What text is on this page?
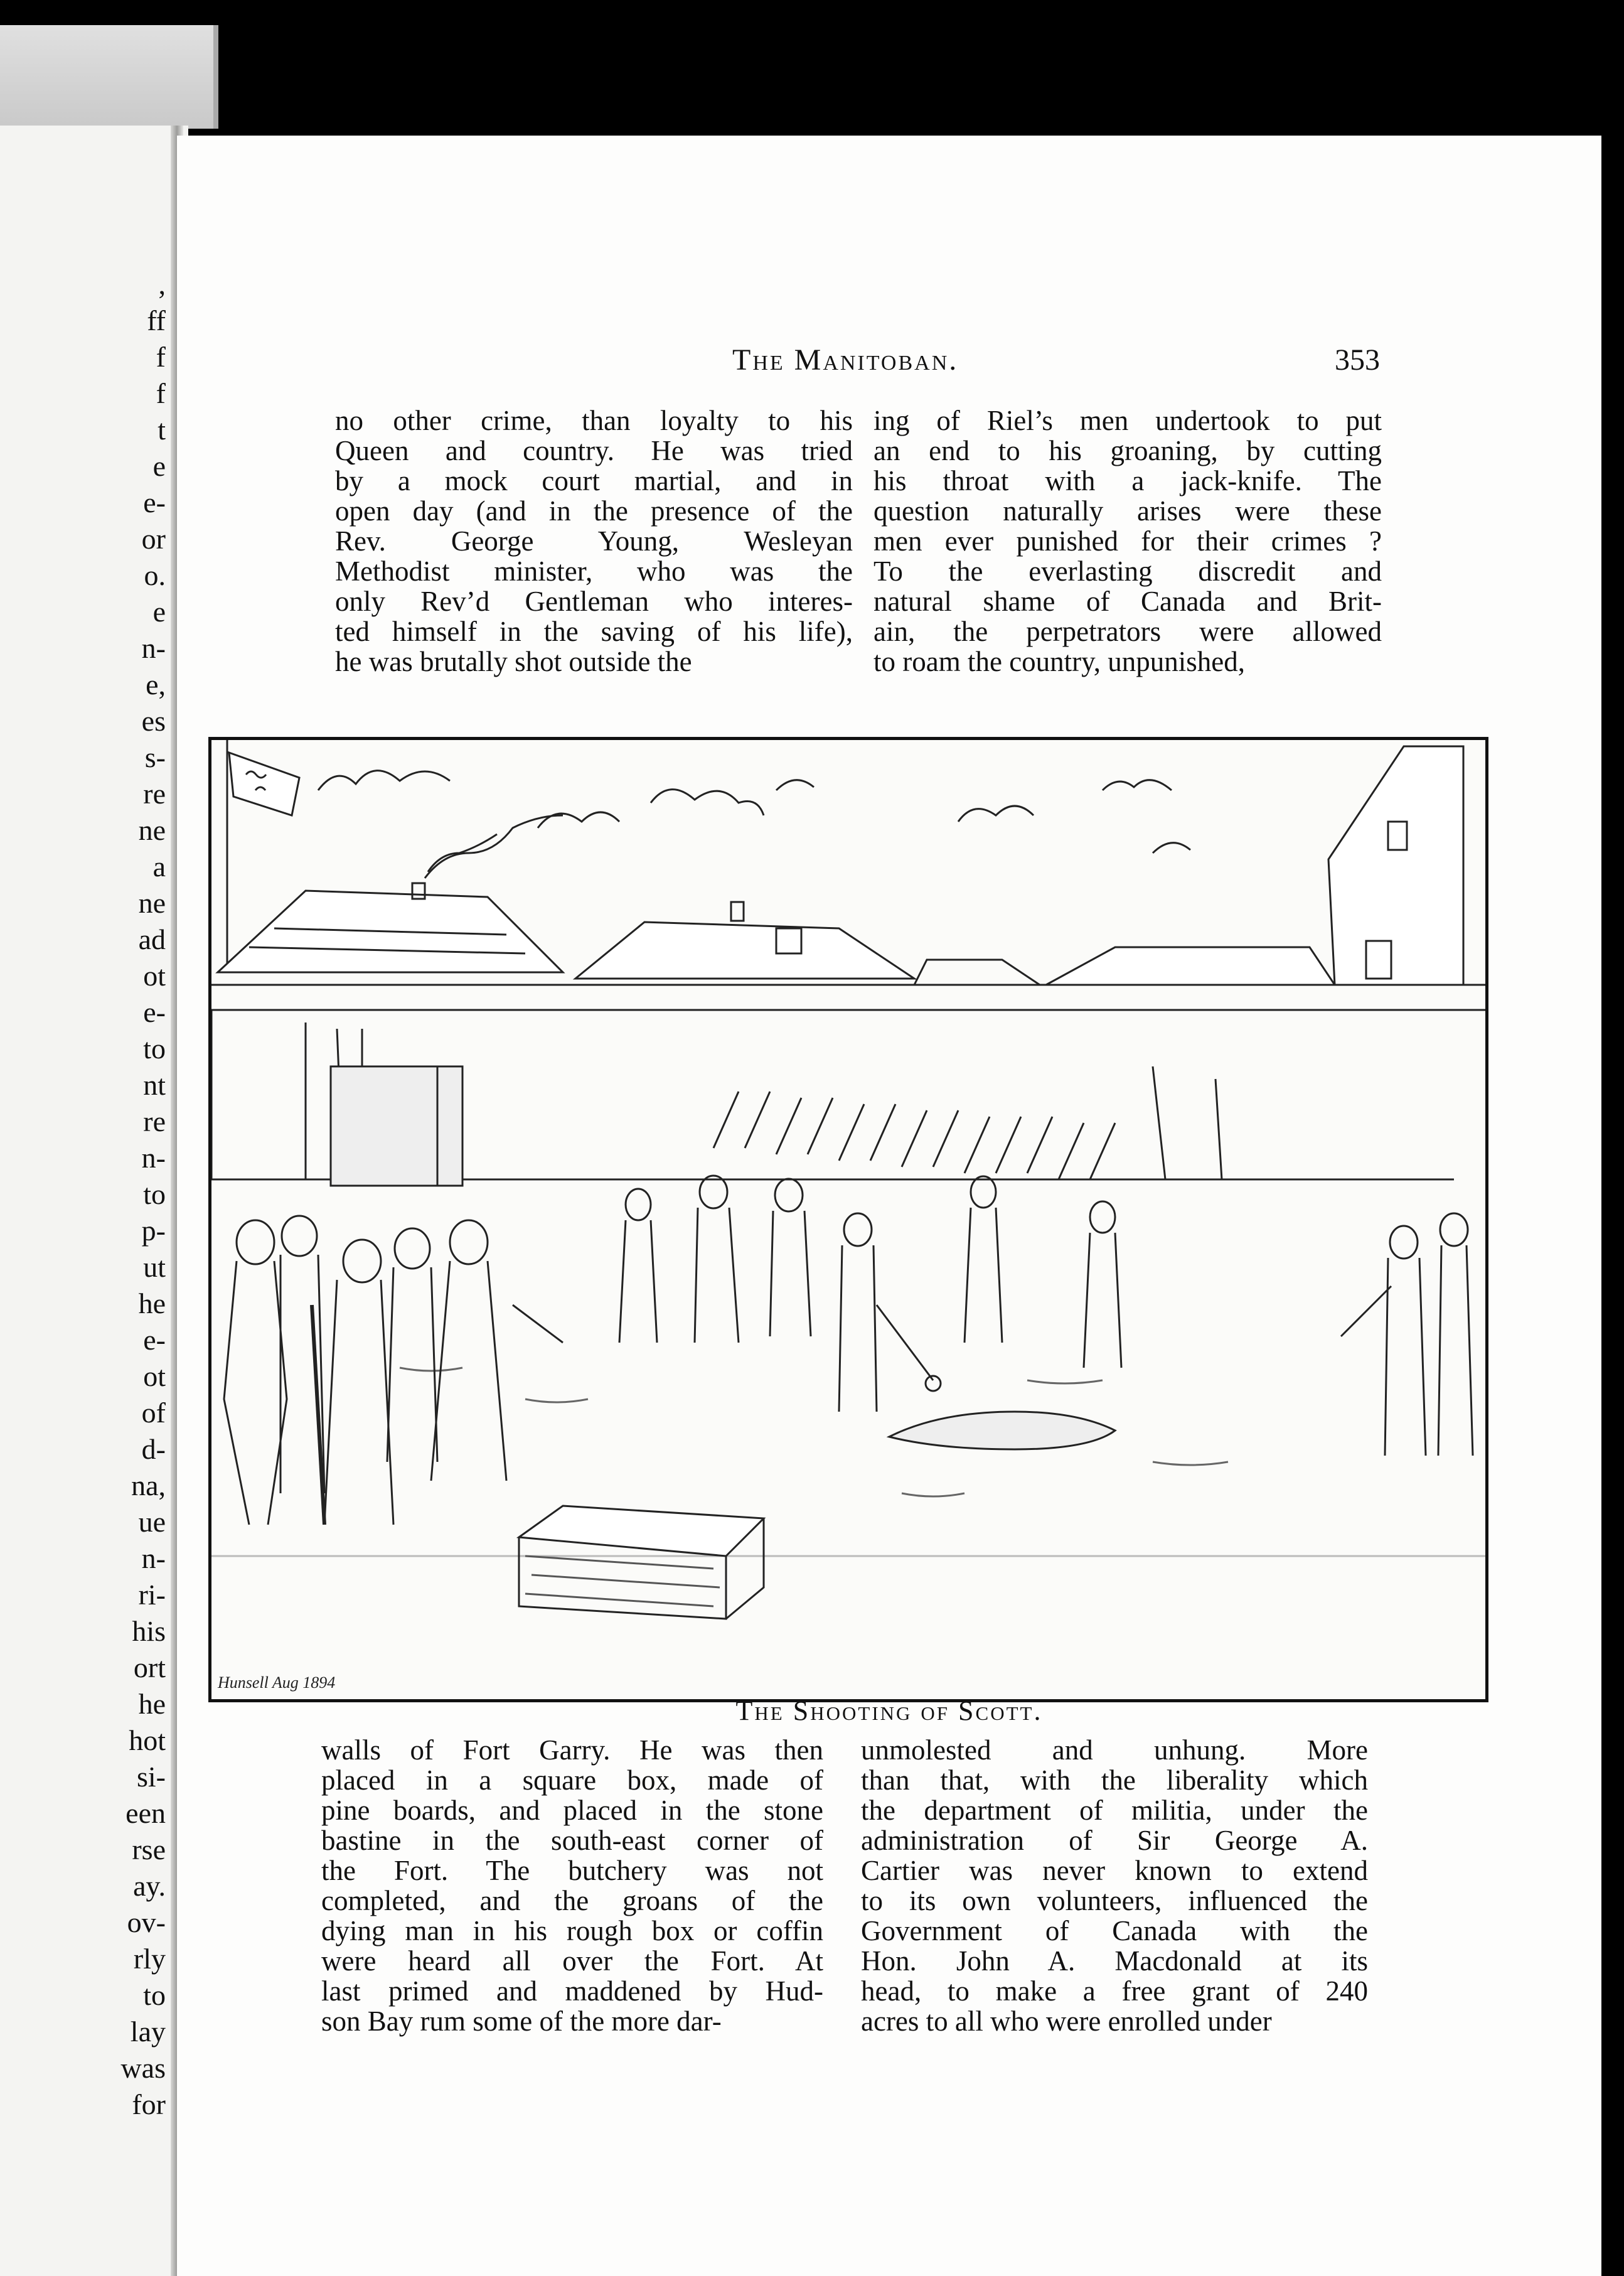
,
ff
f
f
t
e
e-
or
o.
e
n-
e,
es
s-
re
ne
a
ne
ad
ot
e-
to
nt
re
n-
to
p-
ut
he
e-
ot
of
d-
na,
ue
n-
ri-
his
ort
he
hot
si-
een
rse
ay.
ov-
rly
to
lay
was
for
The Manitoban.	353
no other crime, than loyalty to his
Queen and country. He was tried
by a mock court martial, and in
open day (and in the presence of the
Rev. George Young, Wesleyan
Methodist minister, who was the
only Rev’d Gentleman who interes-
ted himself in the saving of his life),
he was brutally shot outside the
ing of Riel’s men undertook to put
an end to his groaning, by cutting
his throat with a jack-knife. The
question naturally arises were these
men ever punished for their crimes ?
To the everlasting discredit and
natural shame of Canada and Brit-
ain, the perpetrators were allowed
to roam the country, unpunished,
Hunsell Aug 1894
The Shooting of Scott.
walls of Fort Garry. He was then
placed in a square box, made of
pine boards, and placed in the stone
bastine in the south-east corner of
the Fort. The butchery was not
completed, and the groans of the
dying man in his rough box or coffin
were heard all over the Fort. At
last primed and maddened by Hud-
son Bay rum some of the more dar-
unmolested and unhung. More
than that, with the liberality which
the department of militia, under the
administration of Sir George A.
Cartier was never known to extend
to its own volunteers, influenced the
Government of Canada with the
Hon. John A. Macdonald at its
head, to make a free grant of 240
acres to all who were enrolled under
